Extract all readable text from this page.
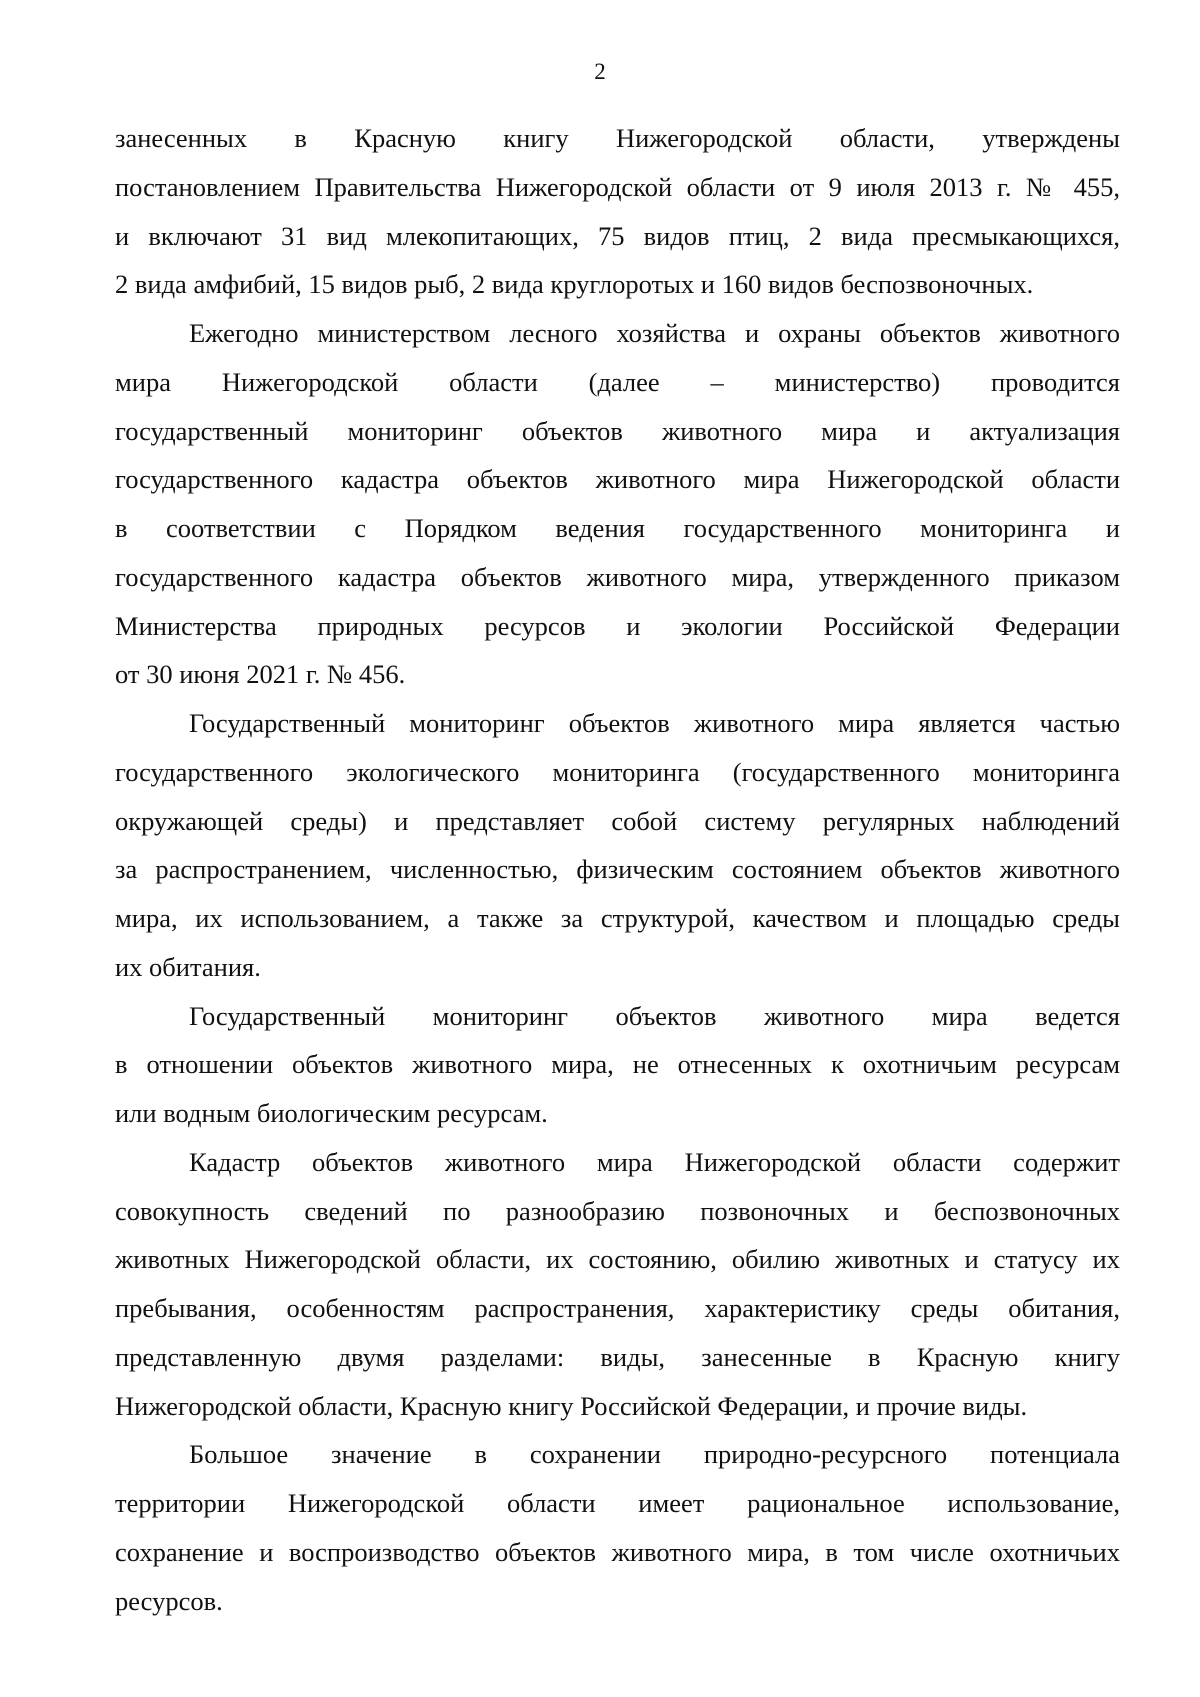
2
занесенных в Красную книгу Нижегородской области, утверждены
постановлением Правительства Нижегородской области от 9 июля 2013 г. № 455,
и включают 31 вид млекопитающих, 75 видов птиц, 2 вида пресмыкающихся,
2 вида амфибий, 15 видов рыб, 2 вида круглоротых и 160 видов беспозвоночных.
Ежегодно министерством лесного хозяйства и охраны объектов животного
мира Нижегородской области (далее – министерство) проводится
государственный мониторинг объектов животного мира и актуализация
государственного кадастра объектов животного мира Нижегородской области
в соответствии с Порядком ведения государственного мониторинга и
государственного кадастра объектов животного мира, утвержденного приказом
Министерства природных ресурсов и экологии Российской Федерации
от 30 июня 2021 г. № 456.
Государственный мониторинг объектов животного мира является частью
государственного экологического мониторинга (государственного мониторинга
окружающей среды) и представляет собой систему регулярных наблюдений
за распространением, численностью, физическим состоянием объектов животного
мира, их использованием, а также за структурой, качеством и площадью среды
их обитания.
Государственный мониторинг объектов животного мира ведется
в отношении объектов животного мира, не отнесенных к охотничьим ресурсам
или водным биологическим ресурсам.
Кадастр объектов животного мира Нижегородской области содержит
совокупность сведений по разнообразию позвоночных и беспозвоночных
животных Нижегородской области, их состоянию, обилию животных и статусу их
пребывания, особенностям распространения, характеристику среды обитания,
представленную двумя разделами: виды, занесенные в Красную книгу
Нижегородской области, Красную книгу Российской Федерации, и прочие виды.
Большое значение в сохранении природно-ресурсного потенциала
территории Нижегородской области имеет рациональное использование,
сохранение и воспроизводство объектов животного мира, в том числе охотничьих
ресурсов.
